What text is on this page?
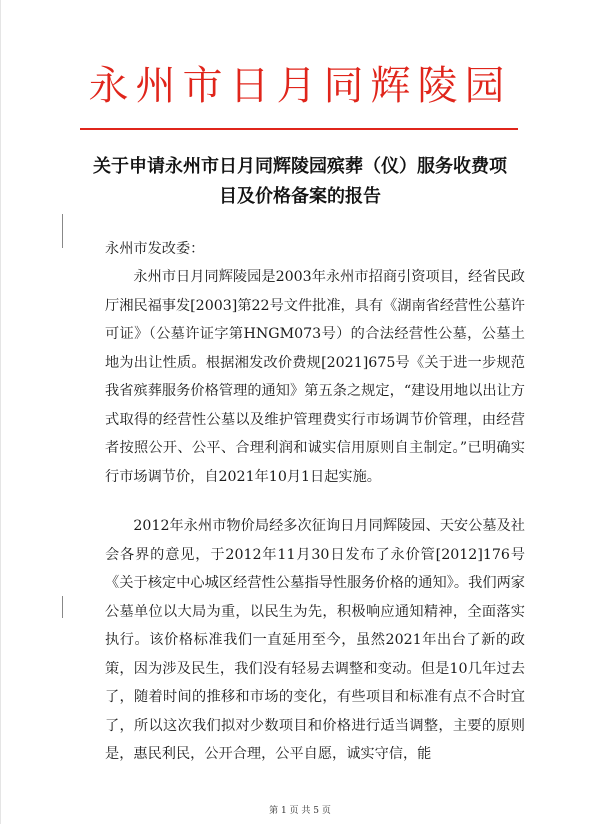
永州市日月同辉陵园
关于申请永州市日月同辉陵园殡葬（仪）服务收费项目及价格备案的报告
永州市发改委：
永州市日月同辉陵园是2003年永州市招商引资项目，经省民政厅湘民福事发[2003]第22号文件批准，具有《湖南省经营性公墓许可证》（公墓许证字第HNGM073号）的合法经营性公墓，公墓土地为出让性质。根据湘发改价费规[2021]675号《关于进一步规范我省殡葬服务价格管理的通知》第五条之规定，“建设用地以出让方式取得的经营性公墓以及维护管理费实行市场调节价管理，由经营者按照公开、公平、合理利润和诚实信用原则自主制定。”已明确实行市场调节价，自2021年10月1日起实施。
2012年永州市物价局经多次征询日月同辉陵园、天安公墓及社会各界的意见，于2012年11月30日发布了永价管[2012]176号《关于核定中心城区经营性公墓指导性服务价格的通知》。我们两家公墓单位以大局为重，以民生为先，积极响应通知精神，全面落实执行。该价格标准我们一直延用至今，虽然2021年出台了新的政策，因为涉及民生，我们没有轻易去调整和变动。但是10几年过去了，随着时间的推移和市场的变化，有些项目和标准有点不合时宜了，所以这次我们拟对少数项目和价格进行适当调整，主要的原则是，惠民利民，公开合理，公平自愿，诚实守信，能
第 1 页 共 5 页
